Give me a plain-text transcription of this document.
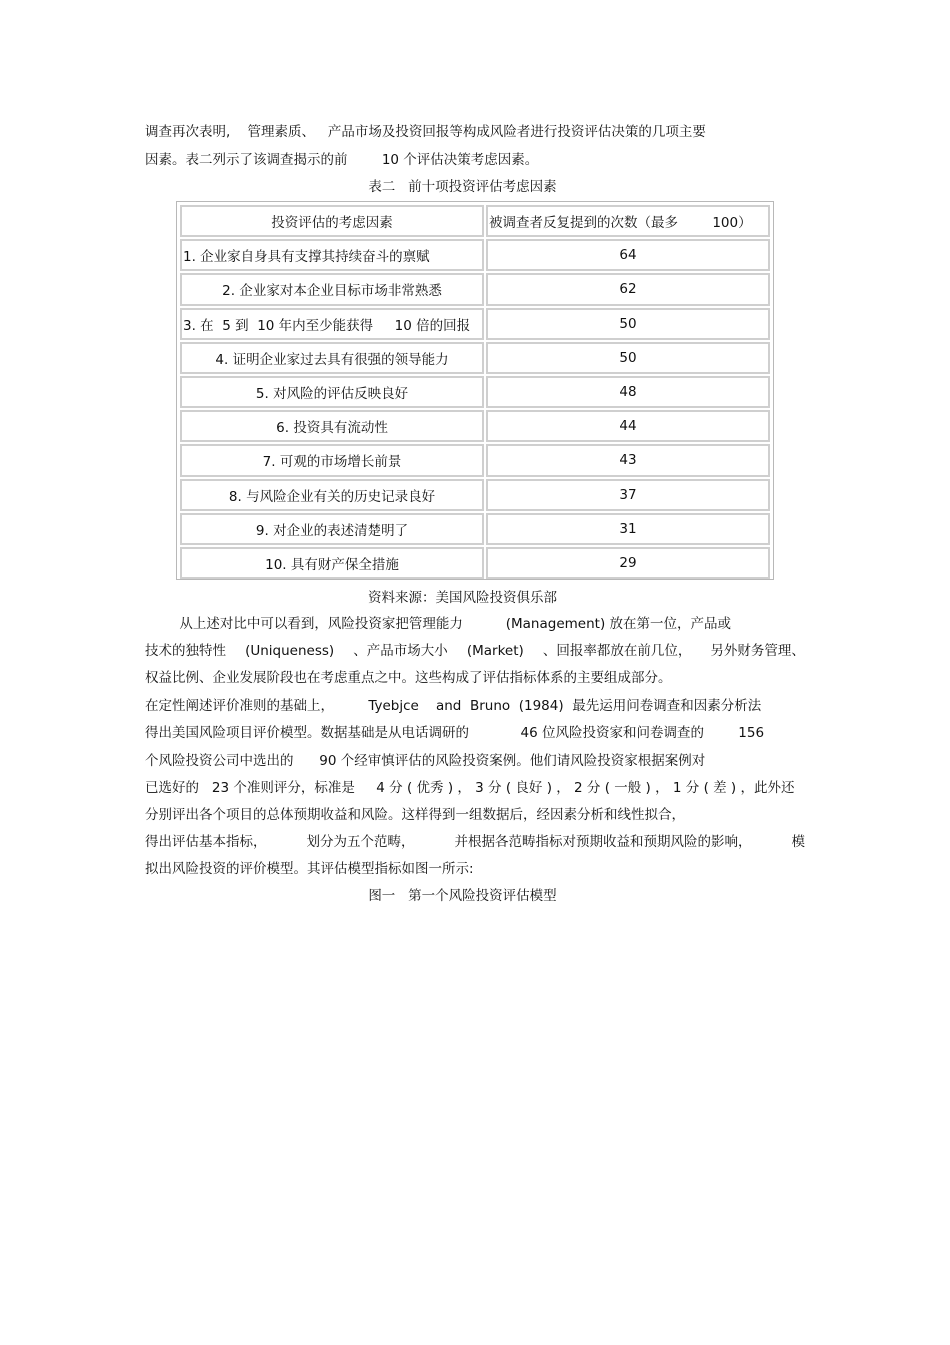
调查再次表明,    管理素质、   产品市场及投资回报等构成风险者进行投资评估决策的几项主要
因素。表二列示了该调查揭示的前        10 个评估决策考虑因素。
表二   前十项投资评估考虑因素
投资评估的考虑因素	被调查者反复提到的次数（最多        100）
1. 企业家自身具有支撑其持续奋斗的禀赋	64
2. 企业家对本企业目标市场非常熟悉	62
3. 在  5 到  10 年内至少能获得     10 倍的回报	50
4. 证明企业家过去具有很强的领导能力	50
5. 对风险的评估反映良好	48
6. 投资具有流动性	44
7. 可观的市场增长前景	43
8. 与风险企业有关的历史记录良好	37
9. 对企业的表述清楚明了	31
10. 具有财产保全措施	29
资料来源：美国风险投资俱乐部
从上述对比中可以看到，风险投资家把管理能力          (Management) 放在第一位，产品或
技术的独特性 (Uniqueness) 、产品市场大小 (Market) 、回报率都放在前几位， 另外财务管理、
权益比例、企业发展阶段也在考虑重点之中。这些构成了评估指标体系的主要组成部分。
在定性阐述评价准则的基础上，        Tyebjce    and  Bruno  (1984)  最先运用问卷调查和因素分析法
得出美国风险项目评价模型。数据基础是从电话调研的            46 位风险投资家和问卷调查的        156
个风险投资公司中选出的      90 个经审慎评估的风险投资案例。他们请风险投资家根据案例对
已选好的   23 个准则评分，标准是     4 分 ( 优秀 ) ， 3 分 ( 良好 ) ， 2 分 ( 一般 ) ， 1 分 ( 差 ) ，此外还
分别评出各个项目的总体预期收益和风险。这样得到一组数据后，经因素分析和线性拟合，
得出评估基本指标，	划分为五个范畴，	并根据各范畴指标对预期收益和预期风险的影响，	模
拟出风险投资的评价模型。其评估模型指标如图一所示:
图一   第一个风险投资评估模型
